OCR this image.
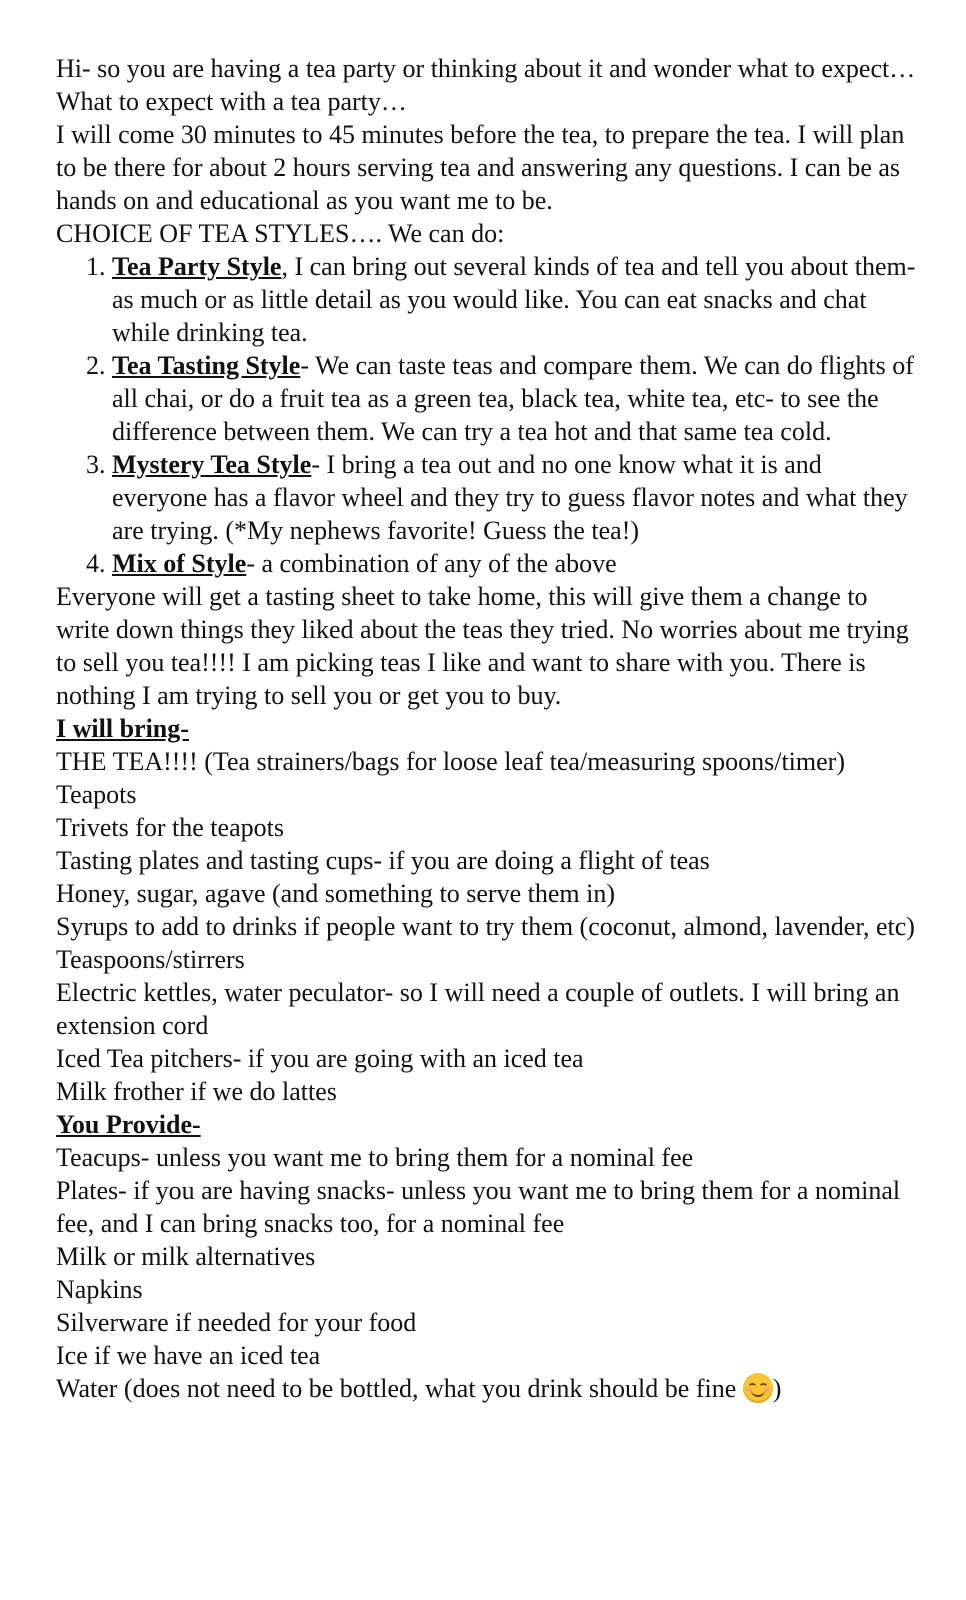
Hi- so you are having a tea party or thinking about it and wonder what to expect…

What to expect with a tea party…

I will come 30 minutes to 45 minutes before the tea, to prepare the tea. I will plan to be there for about 2 hours serving tea and answering any questions. I can be as hands on and educational as you want me to be.

CHOICE OF TEA STYLES…. We can do:

1. Tea Party Style, I can bring out several kinds of tea and tell you about them- as much or as little detail as you would like. You can eat snacks and chat while drinking tea.
2. Tea Tasting Style- We can taste teas and compare them. We can do flights of all chai, or do a fruit tea as a green tea, black tea, white tea, etc- to see the difference between them. We can try a tea hot and that same tea cold.
3. Mystery Tea Style- I bring a tea out and no one know what it is and everyone has a flavor wheel and they try to guess flavor notes and what they are trying. (*My nephews favorite! Guess the tea!)
4. Mix of Style- a combination of any of the above

Everyone will get a tasting sheet to take home, this will give them a change to write down things they liked about the teas they tried. No worries about me trying to sell you tea!!!! I am picking teas I like and want to share with you. There is nothing I am trying to sell you or get you to buy.

I will bring-

THE TEA!!!! (Tea strainers/bags for loose leaf tea/measuring spoons/timer)

Teapots

Trivets for the teapots

Tasting plates and tasting cups- if you are doing a flight of teas

Honey, sugar, agave (and something to serve them in)

Syrups to add to drinks if people want to try them (coconut, almond, lavender, etc)

Teaspoons/stirrers

Electric kettles, water peculator- so I will need a couple of outlets. I will bring an extension cord

Iced Tea pitchers- if you are going with an iced tea

Milk frother if we do lattes

You Provide-

Teacups- unless you want me to bring them for a nominal fee

Plates- if you are having snacks- unless you want me to bring them for a nominal fee, and I can bring snacks too, for a nominal fee

Milk or milk alternatives

Napkins

Silverware if needed for your food

Ice if we have an iced tea

Water (does not need to be bottled, what you drink should be fine
)
